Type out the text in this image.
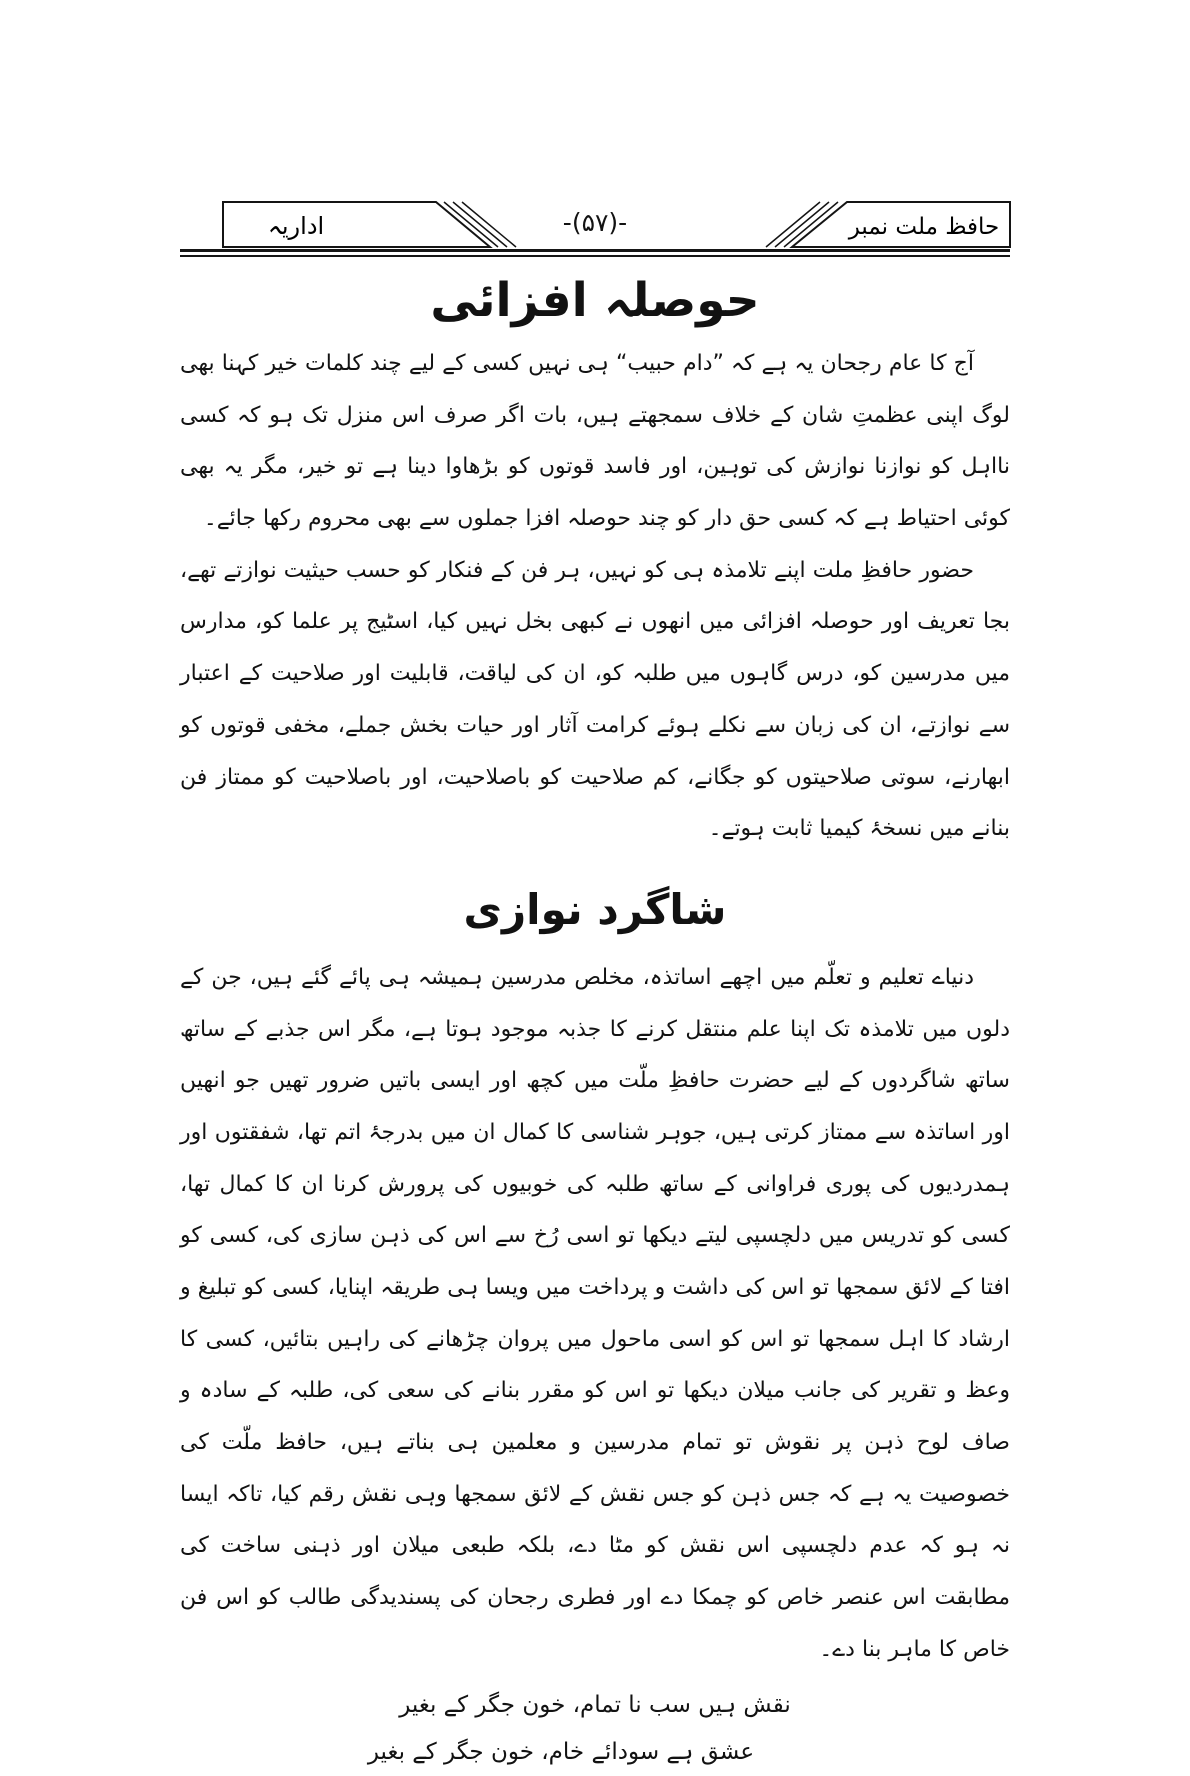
اداریہ	حافظ ملت نمبر
-(۵۷)-
حوصلہ افزائی

آج کا عام رجحان یہ ہے کہ ”دام حبیب“ ہی نہیں کسی کے لیے چند کلمات خیر کہنا بھی لوگ اپنی عظمتِ شان کے خلاف سمجھتے ہیں، بات اگر صرف اس منزل تک ہو کہ کسی نااہل کو نوازنا نوازش کی توہین، اور فاسد قوتوں کو بڑھاوا دینا ہے تو خیر، مگر یہ بھی کوئی احتیاط ہے کہ کسی حق دار کو چند حوصلہ افزا جملوں سے بھی محروم رکھا جائے۔

حضور حافظِ ملت اپنے تلامذہ ہی کو نہیں، ہر فن کے فنکار کو حسب حیثیت نوازتے تھے، بجا تعریف اور حوصلہ افزائی میں انھوں نے کبھی بخل نہیں کیا، اسٹیج پر علما کو، مدارس میں مدرسین کو، درس گاہوں میں طلبہ کو، ان کی لیاقت، قابلیت اور صلاحیت کے اعتبار سے نوازتے، ان کی زبان سے نکلے ہوئے کرامت آثار اور حیات بخش جملے، مخفی قوتوں کو ابھارنے، سوتی صلاحیتوں کو جگانے، کم صلاحیت کو باصلاحیت، اور باصلاحیت کو ممتاز فن بنانے میں نسخۂ کیمیا ثابت ہوتے۔

شاگرد نوازی

دنیاے تعلیم و تعلّم میں اچھے اساتذہ، مخلص مدرسین ہمیشہ ہی پائے گئے ہیں، جن کے دلوں میں تلامذہ تک اپنا علم منتقل کرنے کا جذبہ موجود ہوتا ہے، مگر اس جذبے کے ساتھ ساتھ شاگردوں کے لیے حضرت حافظِ ملّت میں کچھ اور ایسی باتیں ضرور تھیں جو انھیں اور اساتذہ سے ممتاز کرتی ہیں، جوہر شناسی کا کمال ان میں بدرجۂ اتم تھا، شفقتوں اور ہمدردیوں کی پوری فراوانی کے ساتھ طلبہ کی خوبیوں کی پرورش کرنا ان کا کمال تھا، کسی کو تدریس میں دلچسپی لیتے دیکھا تو اسی رُخ سے اس کی ذہن سازی کی، کسی کو افتا کے لائق سمجھا تو اس کی داشت و پرداخت میں ویسا ہی طریقہ اپنایا، کسی کو تبلیغ و ارشاد کا اہل سمجھا تو اس کو اسی ماحول میں پروان چڑھانے کی راہیں بتائیں، کسی کا وعظ و تقریر کی جانب میلان دیکھا تو اس کو مقرر بنانے کی سعی کی، طلبہ کے سادہ و صاف لوح ذہن پر نقوش تو تمام مدرسین و معلمین ہی بناتے ہیں، حافظ ملّت کی خصوصیت یہ ہے کہ جس ذہن کو جس نقش کے لائق سمجھا وہی نقش رقم کیا، تاکہ ایسا نہ ہو کہ عدم دلچسپی اس نقش کو مٹا دے، بلکہ طبعی میلان اور ذہنی ساخت کی مطابقت اس عنصر خاص کو چمکا دے اور فطری رجحان کی پسندیدگی طالب کو اس فن خاص کا ماہر بنا دے۔

نقش ہیں سب نا تمام، خون جگر کے بغیر
عشق ہے سودائے خام، خون جگر کے بغیر
